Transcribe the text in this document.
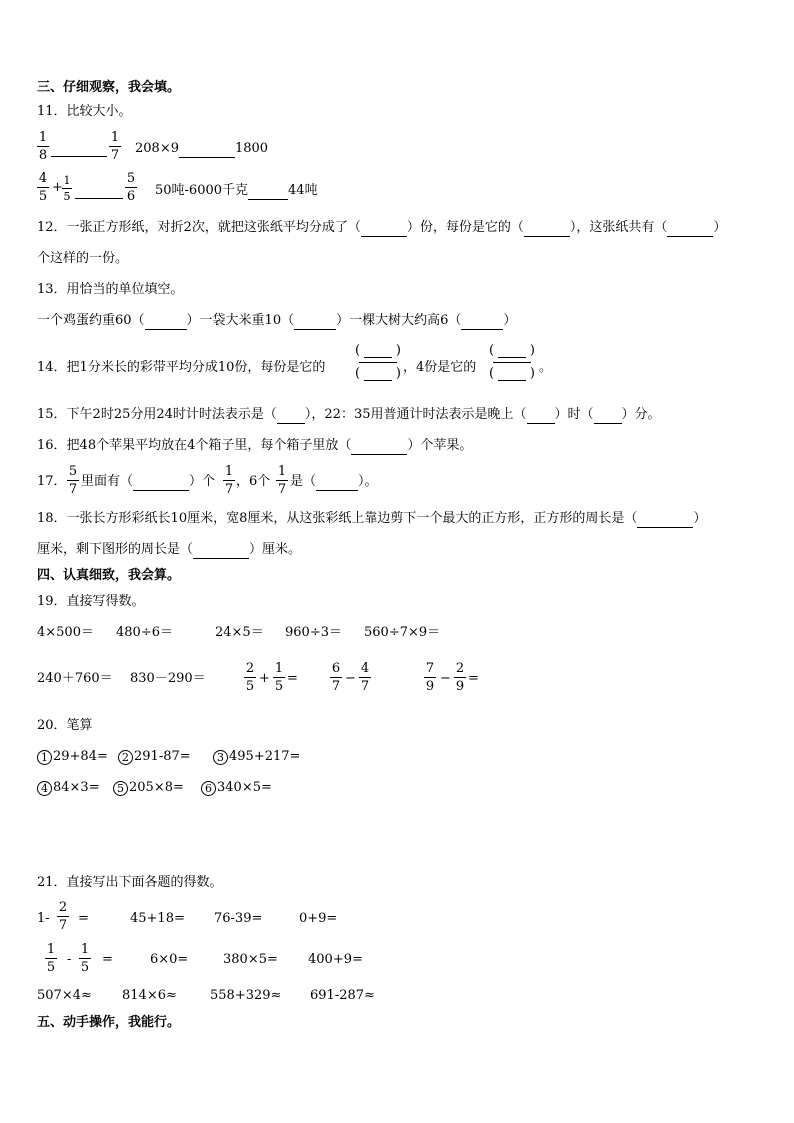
三、仔细观察，我会填。
11．比较大小。
1
8

1
7 208×9	1800
4
5
+ 1
5

5
6 50吨-6000千克	44吨
12．一张正方形纸，对折2次，就把这张纸平均分成了（	）份，每份是它的（	），这张纸共有（	）
个这样的一份。
13．用恰当的单位填空。
一个鸡蛋约重60（	）一袋大米重10（	）一棵大树大约高6（	）
14．把1分米长的彩带平均分成10份，每份是它的
(	)
(	) ，4份是它的
(	)
(	) 。
15．下午2时25分用24时计时法表示是（ ），22：35用普通计时法表示是晚上（ ）时（ ）分。
16．把48个苹果平均放在4个箱子里，每个箱子里放（	）个苹果。
17．
5
7
里面有（	）个
1
7
，6个
1
7
是（	）。
18．一张长方形彩纸长10厘米，宽8厘米，从这张彩纸上靠边剪下一个最大的正方形，正方形的周长是（	）
厘米，剩下图形的周长是（	）厘米。
四、认真细致，我会算。
19．直接写得数。
4×500＝ 480÷6＝	24×5＝ 960÷3＝ 560÷7×9＝
240＋760＝ 830－290＝
2
5
+
1
5
=
6
7
−
4
7
7
9
−
2
9
=
20．笔算
1 29+84=	2 291-87=	3 495+217=
4 84×3=	5 205×8=	6 340×5=
21．直接写出下面各题的得数。
1-
2
7 =	45+18= 76-39=	0+9=
1
5
-
1
5
=	6×0=	380×5= 400+9=
507×4≈ 814×6≈	558+329≈ 691-287≈
五、动手操作，我能行。
